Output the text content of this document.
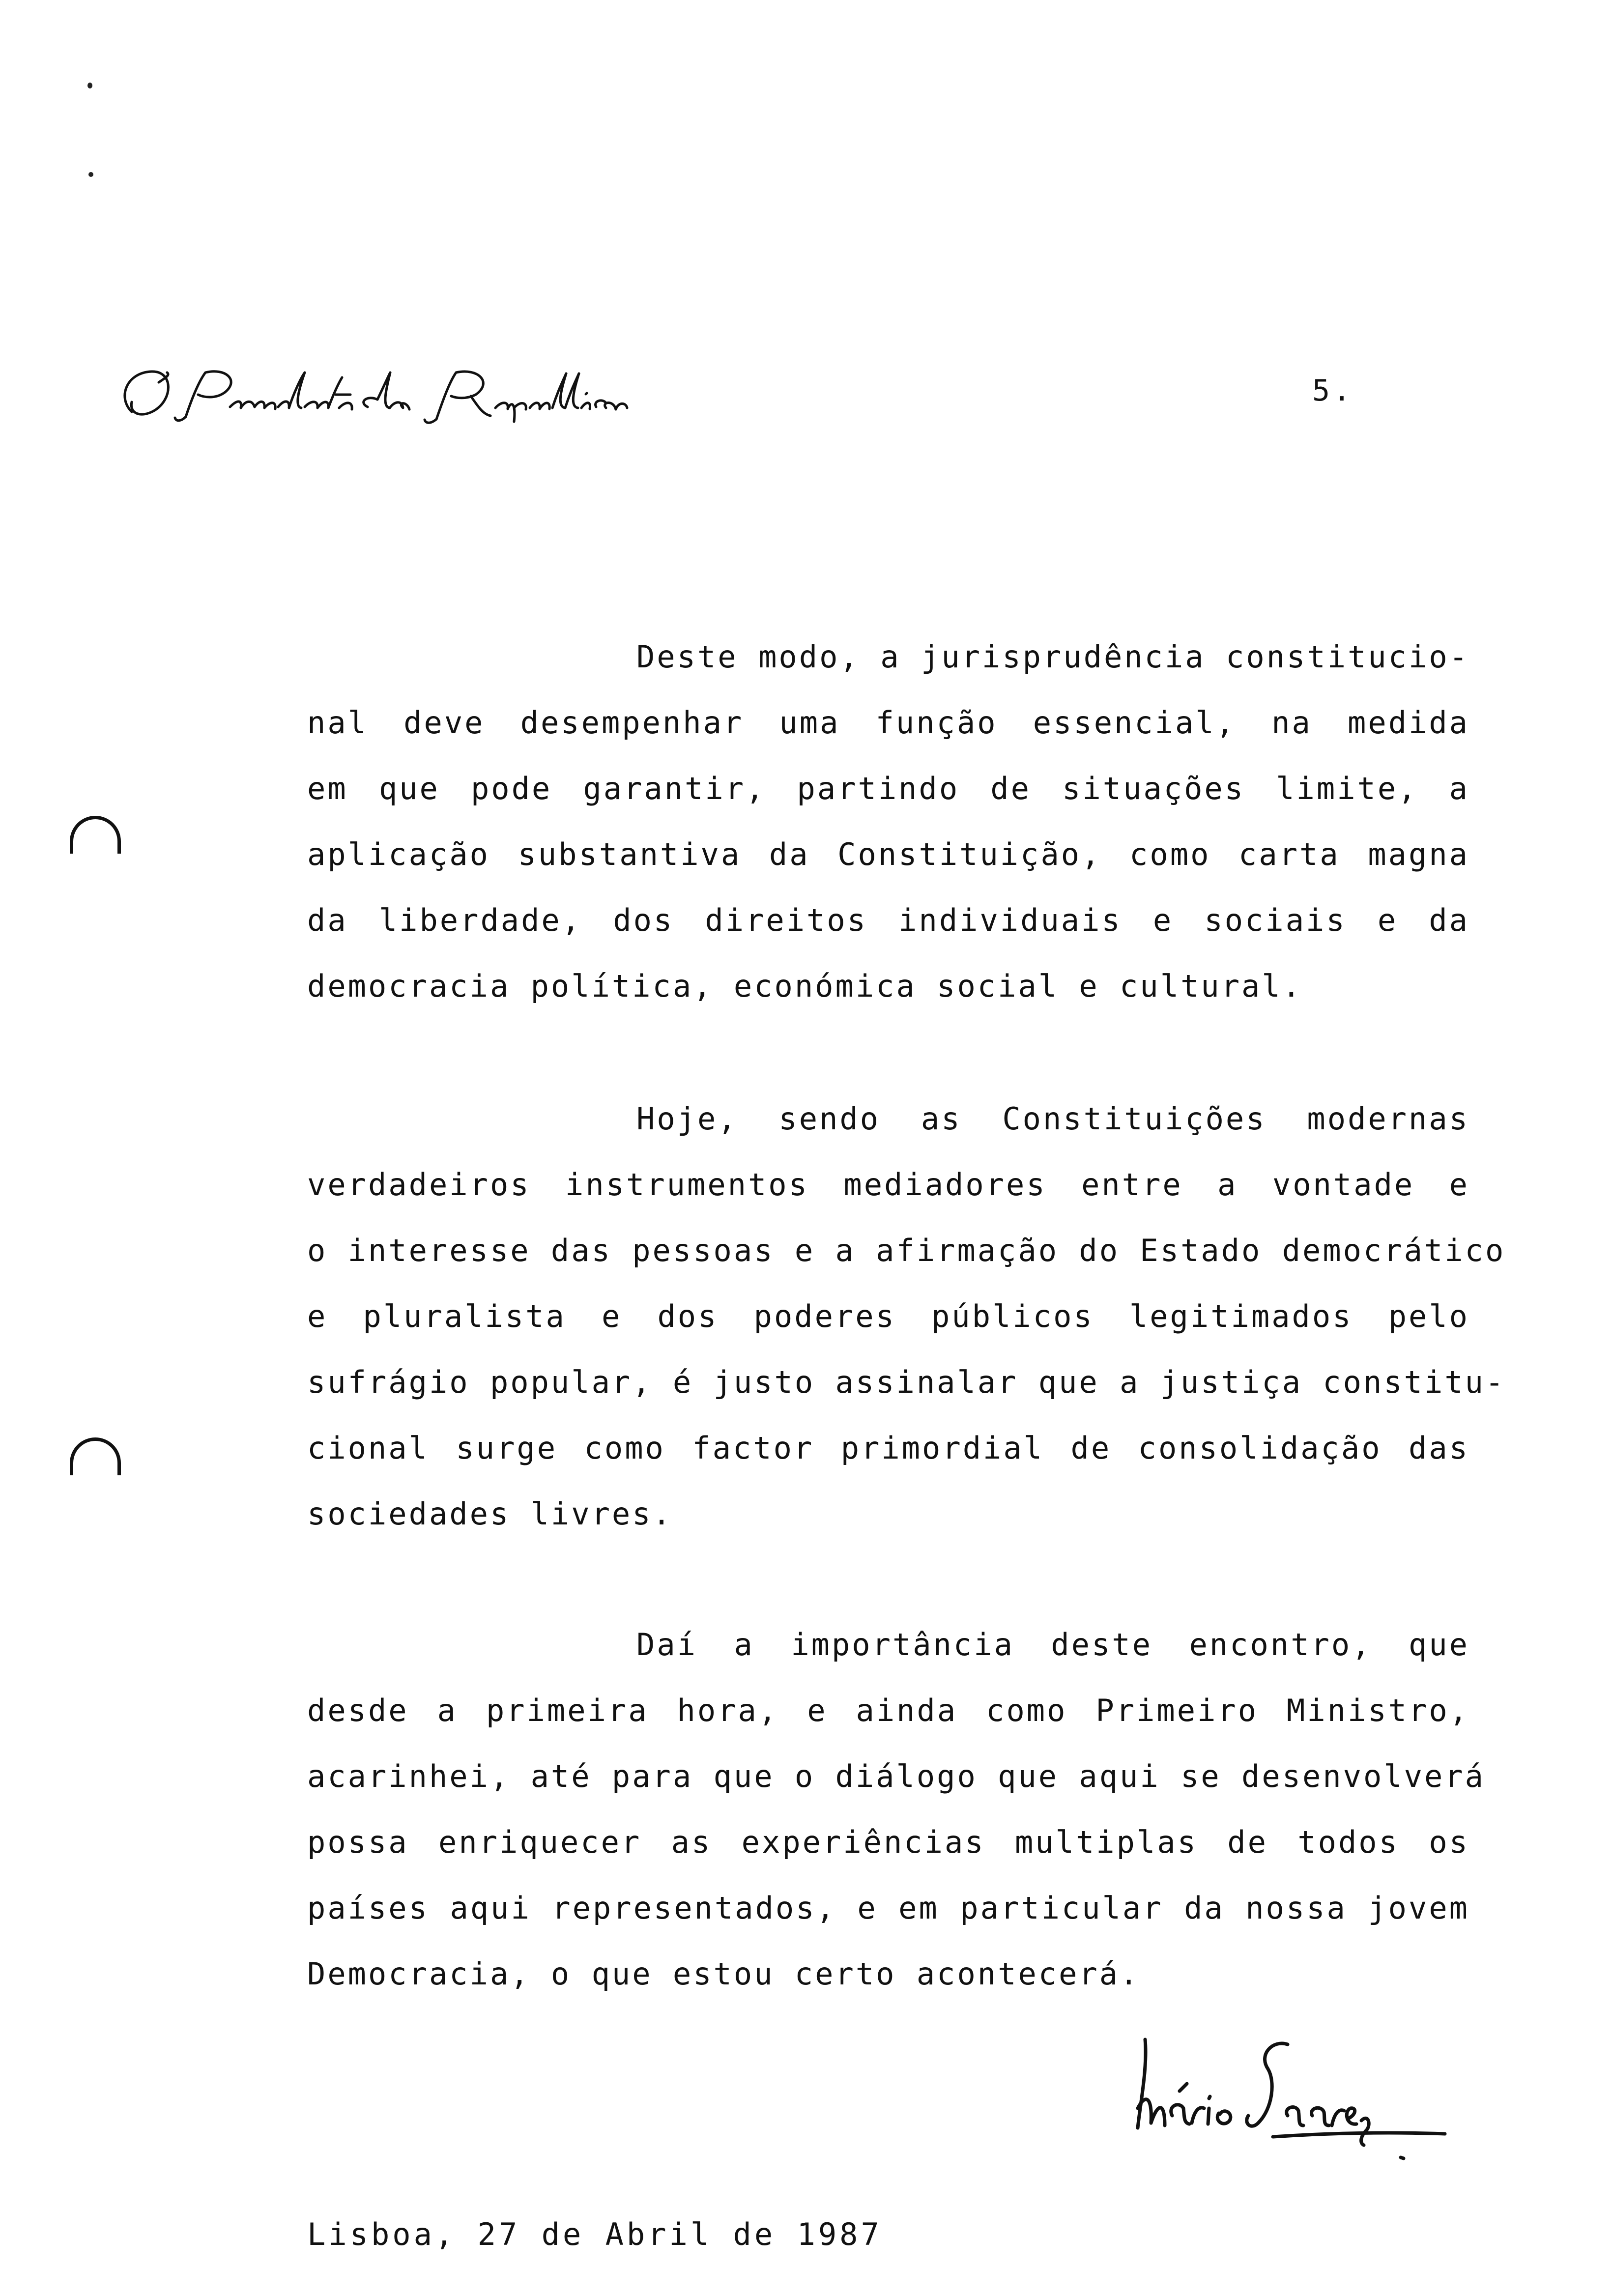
5.
Deste modo, a jurisprudência constitucio-
nal deve desempenhar uma função essencial, na medida
em que pode garantir, partindo de situações limite, a
aplicação substantiva da Constituição, como carta magna
da liberdade, dos direitos individuais e sociais e da
democracia política, económica social e cultural.
Hoje, sendo as Constituições modernas
verdadeiros instrumentos mediadores entre a vontade e
o interesse das pessoas e a afirmação do Estado democrático
e pluralista e dos poderes públicos legitimados pelo
sufrágio popular, é justo assinalar que a justiça constitu-
cional surge como factor primordial de consolidação das
sociedades livres.
Daí a importância deste encontro, que
desde a primeira hora, e ainda como Primeiro Ministro,
acarinhei, até para que o diálogo que aqui se desenvolverá
possa enriquecer as experiências multiplas de todos os
países aqui representados, e em particular da nossa jovem
Democracia, o que estou certo acontecerá.
Lisboa, 27 de Abril de 1987
